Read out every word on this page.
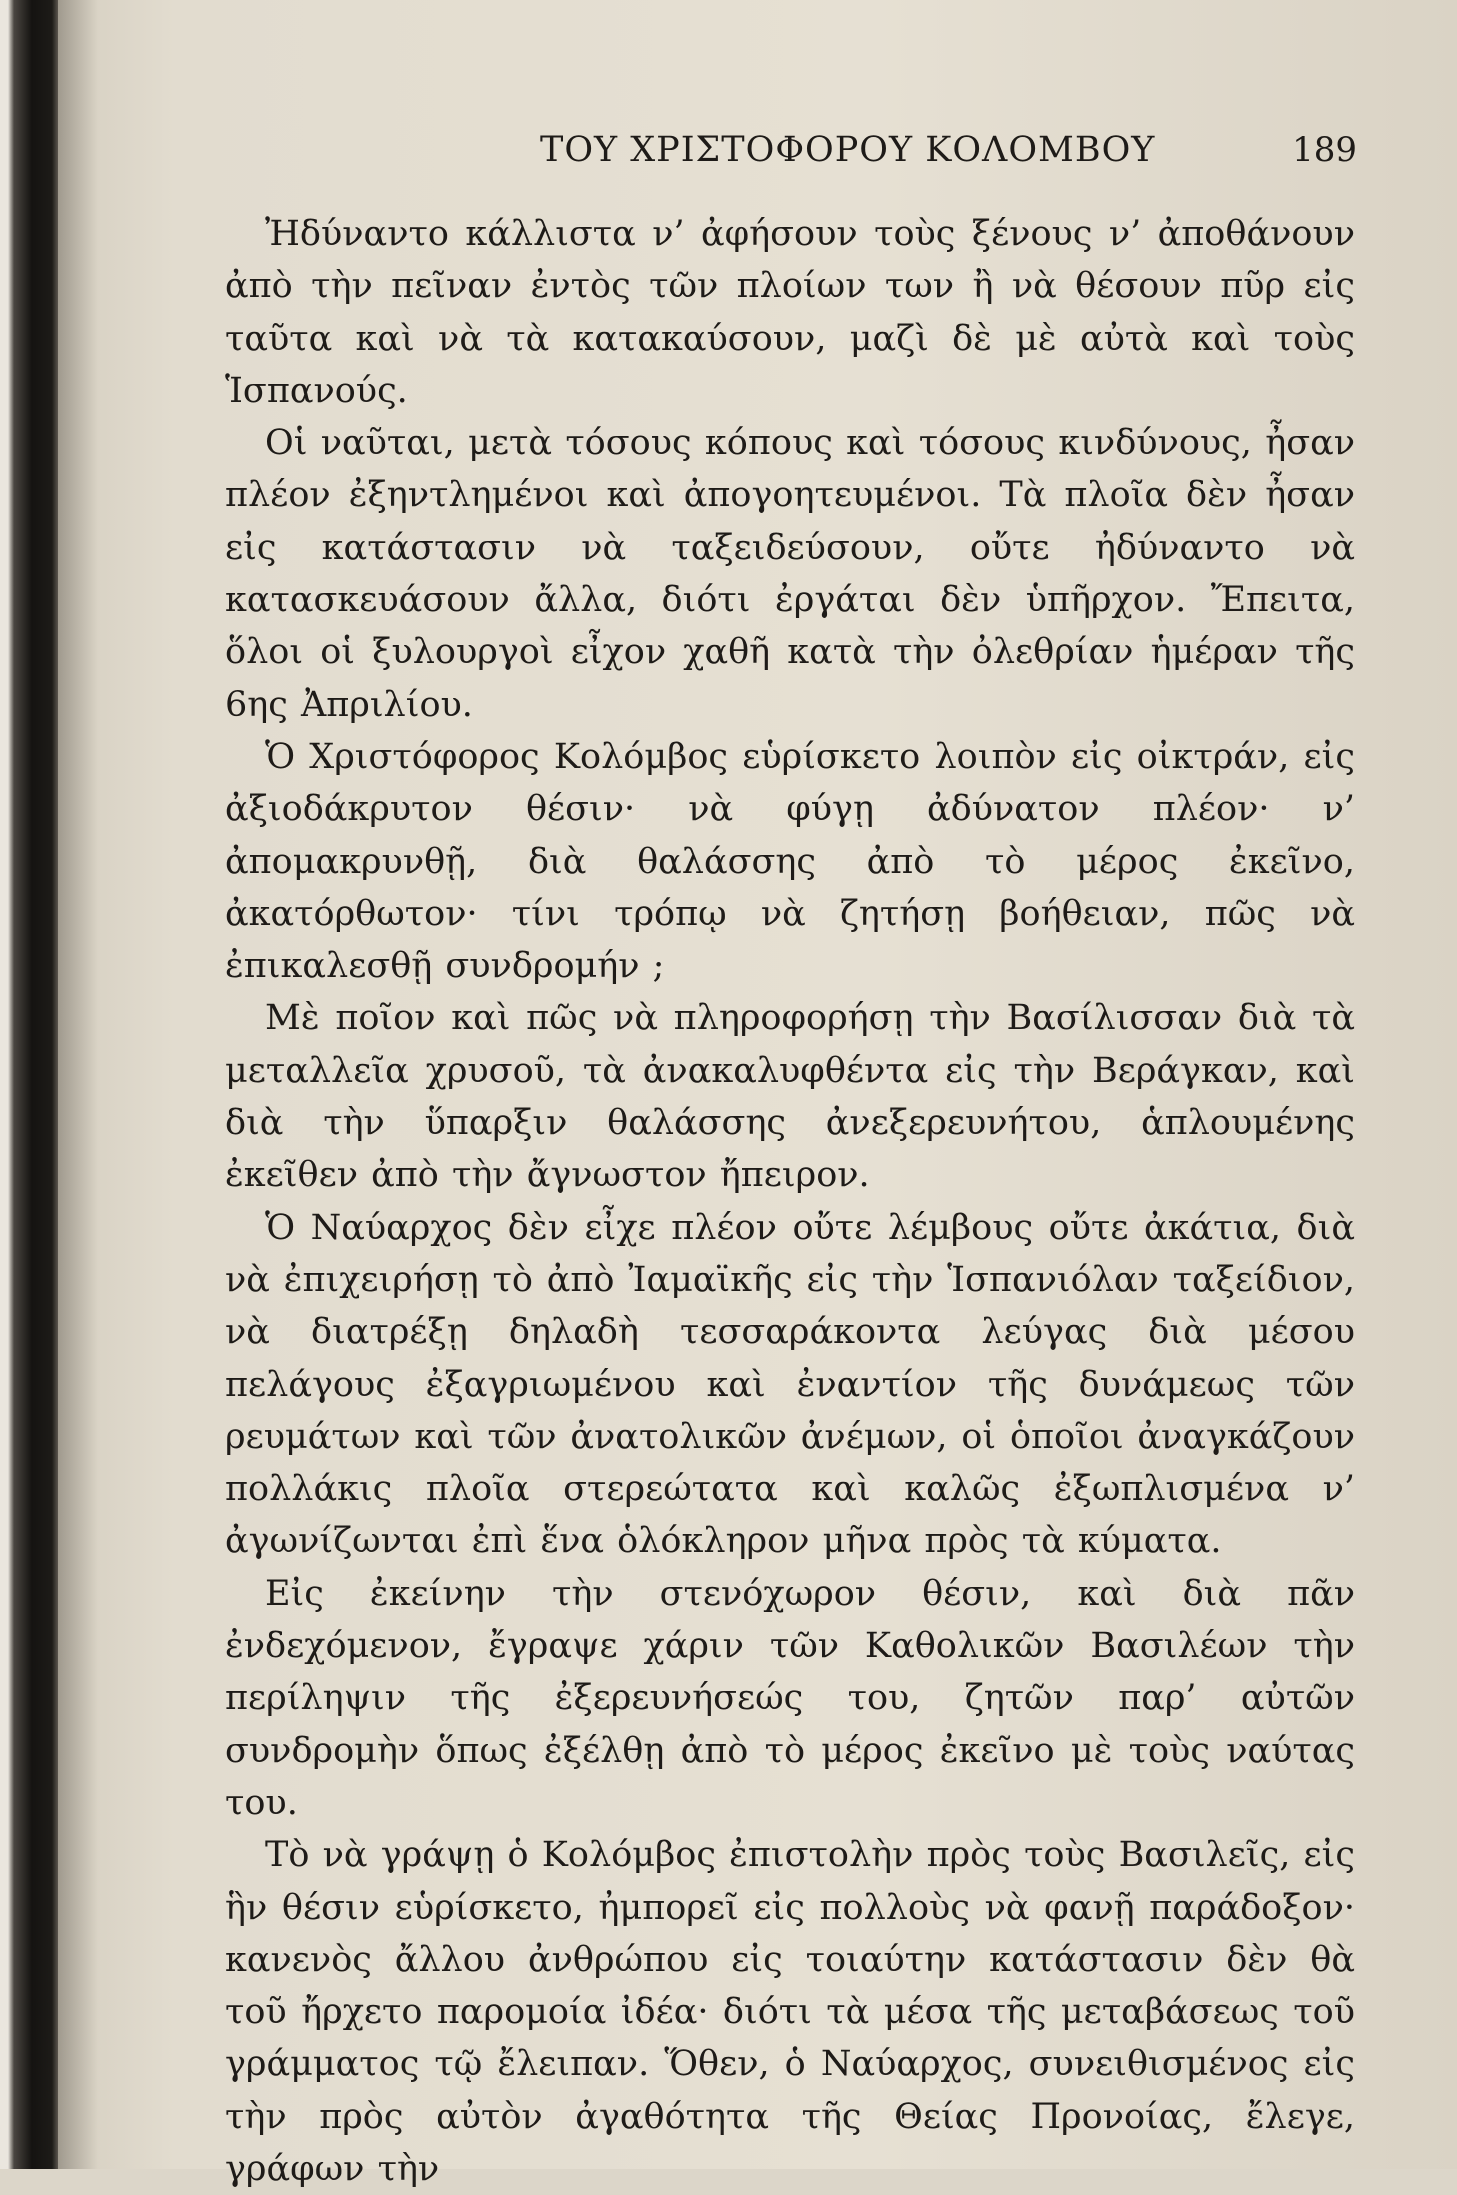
ΤΟΥ ΧΡΙΣΤΟΦΟΡΟΥ ΚΟΛΟΜΒΟΥ	189

Ἠδύναντο κάλλιστα ν’ ἀφήσουν τοὺς ξένους ν’ ἀποθάνουν ἀπὸ τὴν πεῖναν ἐντὸς τῶν πλοίων των ἢ νὰ θέσουν πῦρ εἰς ταῦτα καὶ νὰ τὰ κατακαύσουν, μαζὶ δὲ μὲ αὐτὰ καὶ τοὺς Ἱσπανούς.

Οἱ ναῦται, μετὰ τόσους κόπους καὶ τόσους κινδύνους, ἦσαν πλέον ἐξηντλημένοι καὶ ἀπογοητευμένοι. Τὰ πλοῖα δὲν ἦσαν εἰς κατάστασιν νὰ ταξειδεύσουν, οὔτε ἠδύναντο νὰ κατασκευάσουν ἄλλα, διότι ἐργάται δὲν ὑπῆρχον. Ἔπειτα, ὅλοι οἱ ξυλουργοὶ εἶχον χαθῆ κατὰ τὴν ὀλεθρίαν ἡμέραν τῆς 6ης Ἀπριλίου.

Ὁ Χριστόφορος Κολόμβος εὑρίσκετο λοιπὸν εἰς οἰκτράν, εἰς ἀξιοδάκρυτον θέσιν· νὰ φύγῃ ἀδύνατον πλέον· ν’ ἀπομακρυνθῇ, διὰ θαλάσσης ἀπὸ τὸ μέρος ἐκεῖνο, ἀκατόρθωτον· τίνι τρόπῳ νὰ ζητήσῃ βοήθειαν, πῶς νὰ ἐπικαλεσθῇ συνδρομήν ;

Μὲ ποῖον καὶ πῶς νὰ πληροφορήσῃ τὴν Βασίλισσαν διὰ τὰ μεταλλεῖα χρυσοῦ, τὰ ἀνακαλυφθέντα εἰς τὴν Βεράγκαν, καὶ διὰ τὴν ὕπαρξιν θαλάσσης ἀνεξερευνήτου, ἁπλουμένης ἐκεῖθεν ἀπὸ τὴν ἄγνωστον ἤπειρον.

Ὁ Ναύαρχος δὲν εἶχε πλέον οὔτε λέμβους οὔτε ἀκάτια, διὰ νὰ ἐπιχειρήσῃ τὸ ἀπὸ Ἰαμαϊκῆς εἰς τὴν Ἱσπανιόλαν ταξείδιον, νὰ διατρέξῃ δηλαδὴ τεσσαράκοντα λεύγας διὰ μέσου πελάγους ἐξαγριωμένου καὶ ἐναντίον τῆς δυνάμεως τῶν ρευμάτων καὶ τῶν ἀνατολικῶν ἀνέμων, οἱ ὁποῖοι ἀναγκάζουν πολλάκις πλοῖα στερεώτατα καὶ καλῶς ἐξωπλισμένα ν’ ἀγωνίζωνται ἐπὶ ἕνα ὁλόκληρον μῆνα πρὸς τὰ κύματα.

Εἰς ἐκείνην τὴν στενόχωρον θέσιν, καὶ διὰ πᾶν ἐνδεχόμενον, ἔγραψε χάριν τῶν Καθολικῶν Βασιλέων τὴν περίληψιν τῆς ἐξερευνήσεώς του, ζητῶν παρ’ αὐτῶν συνδρομὴν ὅπως ἐξέλθῃ ἀπὸ τὸ μέρος ἐκεῖνο μὲ τοὺς ναύτας του.

Τὸ νὰ γράψῃ ὁ Κολόμβος ἐπιστολὴν πρὸς τοὺς Βασιλεῖς, εἰς ἣν θέσιν εὑρίσκετο, ἠμπορεῖ εἰς πολλοὺς νὰ φανῇ παράδοξον· κανενὸς ἄλλου ἀνθρώπου εἰς τοιαύτην κατάστασιν δὲν θὰ τοῦ ἤρχετο παρομοία ἰδέα· διότι τὰ μέσα τῆς μεταβάσεως τοῦ γράμματος τῷ ἔλειπαν. Ὅθεν, ὁ Ναύαρχος, συνειθισμένος εἰς τὴν πρὸς αὐτὸν ἀγαθότητα τῆς Θείας Προνοίας, ἔλεγε, γράφων τὴν
